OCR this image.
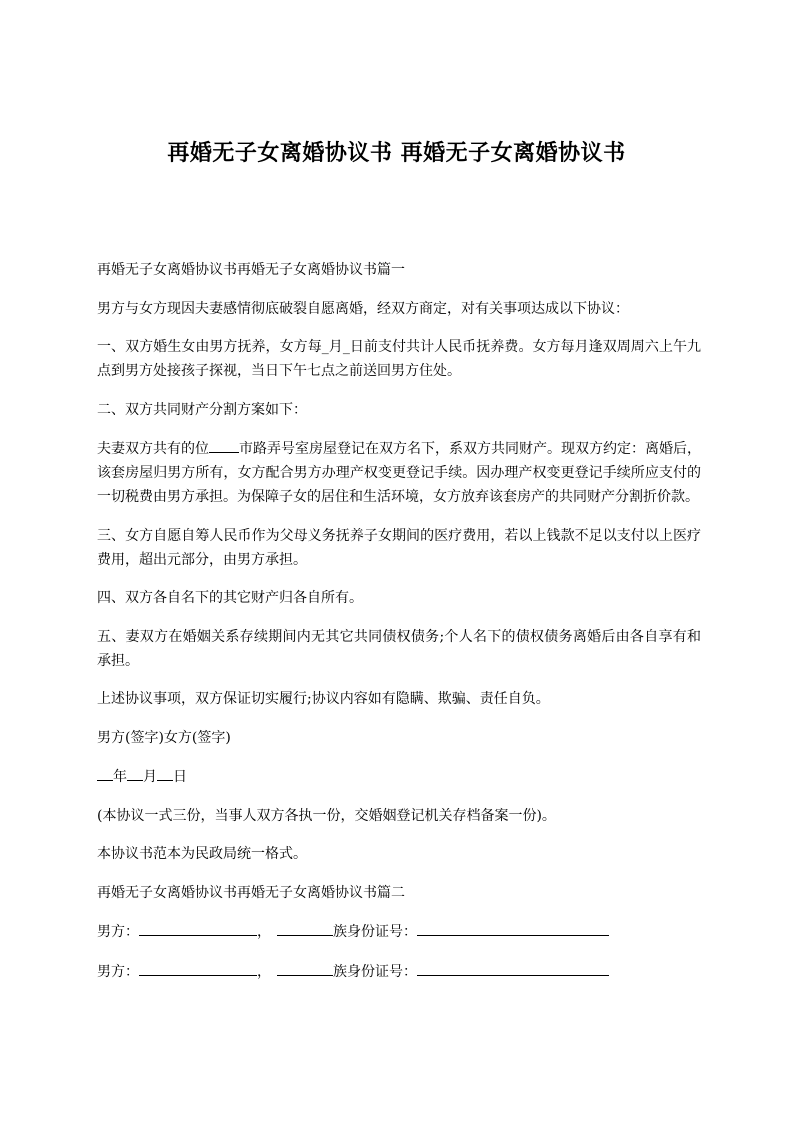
再婚无子女离婚协议书 再婚无子女离婚协议书

再婚无子女离婚协议书再婚无子女离婚协议书篇一

男方与女方现因夫妻感情彻底破裂自愿离婚，经双方商定，对有关事项达成以下协议：

一、双方婚生女由男方抚养，女方每_月_日前支付共计人民币抚养费。女方每月逢双周周六上午九点到男方处接孩子探视，当日下午七点之前送回男方住处。

二、双方共同财产分割方案如下：

夫妻双方共有的位 市路弄号室房屋登记在双方名下，系双方共同财产。现双方约定：离婚后，该套房屋归男方所有，女方配合男方办理产权变更登记手续。因办理产权变更登记手续所应支付的一切税费由男方承担。为保障子女的居住和生活环境，女方放弃该套房产的共同财产分割折价款。

三、女方自愿自筹人民币作为父母义务抚养子女期间的医疗费用，若以上钱款不足以支付以上医疗费用，超出元部分，由男方承担。

四、双方各自名下的其它财产归各自所有。

五、妻双方在婚姻关系存续期间内无其它共同债权债务;个人名下的债权债务离婚后由各自享有和承担。

上述协议事项，双方保证切实履行;协议内容如有隐瞒、欺骗、责任自负。

男方(签字)女方(签字)

年 月 日

(本协议一式三份，当事人双方各执一份，交婚姻登记机关存档备案一份)。

本协议书范本为民政局统一格式。

再婚无子女离婚协议书再婚无子女离婚协议书篇二

男方：	，	族身份证号：

男方：	，	族身份证号：
